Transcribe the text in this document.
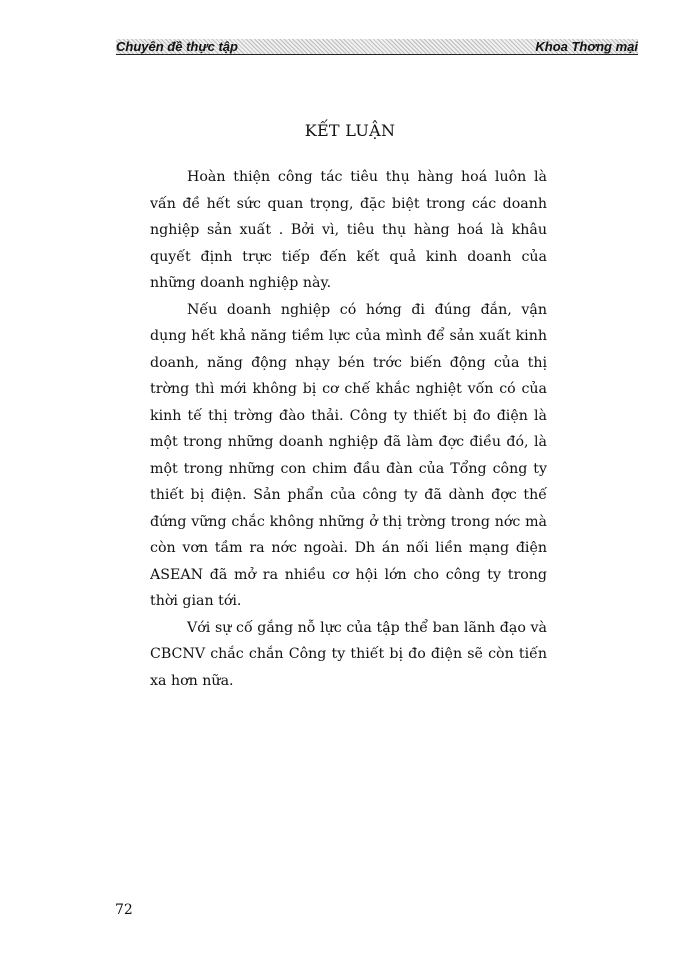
Chuyên đề thực tập	Khoa Thơng mại
KẾT LUẬN

Hoàn thiện công tác tiêu thụ hàng hoá luôn là vấn đề hết sức quan trọng, đặc biệt trong các doanh nghiệp sản xuất . Bởi vì, tiêu thụ hàng hoá là khâu quyết định trực tiếp đến kết quả kinh doanh của những doanh nghiệp này.

Nếu doanh nghiệp có hớng đi đúng đắn, vận dụng hết khả năng tiềm lực của mình để sản xuất kinh doanh, năng động nhạy bén trớc biến động của thị trờng thì mới không bị cơ chế khắc nghiệt vốn có của kinh tế thị trờng đào thải. Công ty thiết bị đo điện là một trong những doanh nghiệp đã làm đợc điều đó, là một trong những con chim đầu đàn của Tổng công ty thiết bị điện. Sản phẩn của công ty đã dành đợc thế đứng vững chắc không những ở thị trờng trong nớc mà còn vơn tầm ra nớc ngoài. Dh án nối liền mạng điện ASEAN đã mở ra nhiều cơ hội lớn cho công ty trong thời gian tới.

Với sự cố gắng nỗ lực của tập thể ban lãnh đạo và CBCNV chắc chắn Công ty thiết bị đo điện sẽ còn tiến xa hơn nữa.

72
